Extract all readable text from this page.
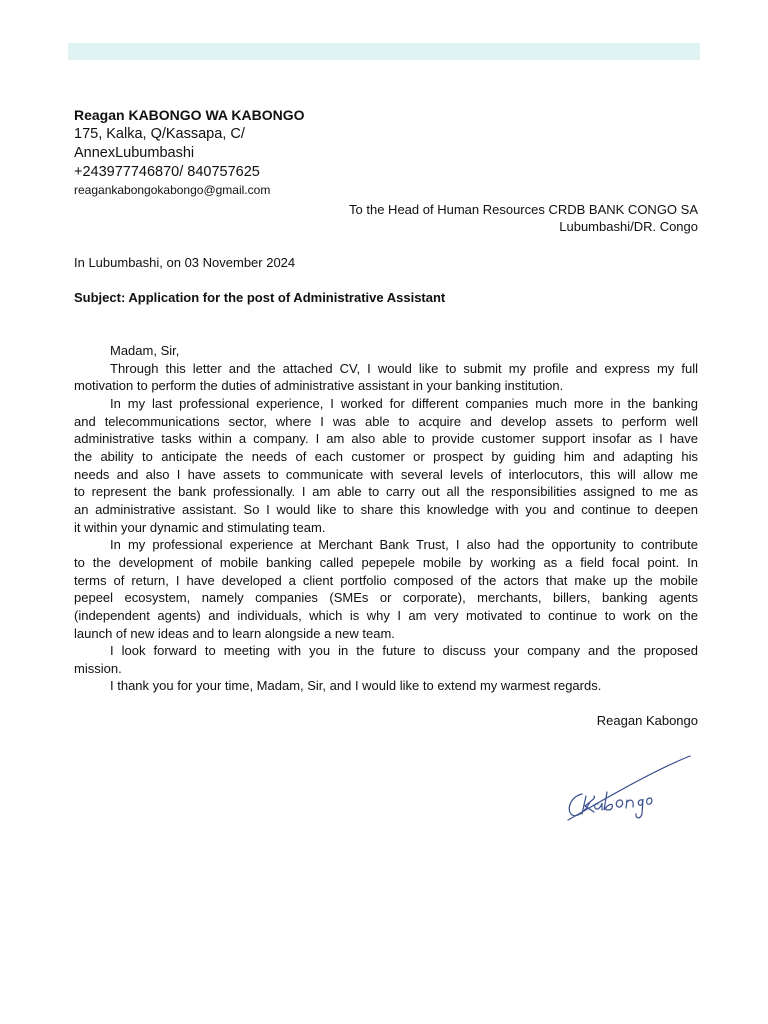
Reagan KABONGO WA KABONGO
175, Kalka, Q/Kassapa, C/
AnnexLubumbashi
+243977746870/ 840757625
reagankabongokabongo@gmail.com
To the Head of Human Resources CRDB BANK CONGO SA
Lubumbashi/DR. Congo
In Lubumbashi, on 03 November 2024
Subject: Application for the post of Administrative Assistant
Madam, Sir,
Through this letter and the attached CV, I would like to submit my profile and express my full
motivation to perform the duties of administrative assistant in your banking institution.
In my last professional experience, I worked for different companies much more in the banking
and telecommunications sector, where I was able to acquire and develop assets to perform well
administrative tasks within a company. I am also able to provide customer support insofar as I have
the ability to anticipate the needs of each customer or prospect by guiding him and adapting his
needs and also I have assets to communicate with several levels of interlocutors, this will allow me
to represent the bank professionally. I am able to carry out all the responsibilities assigned to me as
an administrative assistant. So I would like to share this knowledge with you and continue to deepen
it within your dynamic and stimulating team.
In my professional experience at Merchant Bank Trust, I also had the opportunity to contribute
to the development of mobile banking called pepepele mobile by working as a field focal point. In
terms of return, I have developed a client portfolio composed of the actors that make up the mobile
pepeel ecosystem, namely companies (SMEs or corporate), merchants, billers, banking agents
(independent agents) and individuals, which is why I am very motivated to continue to work on the
launch of new ideas and to learn alongside a new team.
I look forward to meeting with you in the future to discuss your company and the proposed
mission.
I thank you for your time, Madam, Sir, and I would like to extend my warmest regards.
Reagan Kabongo
